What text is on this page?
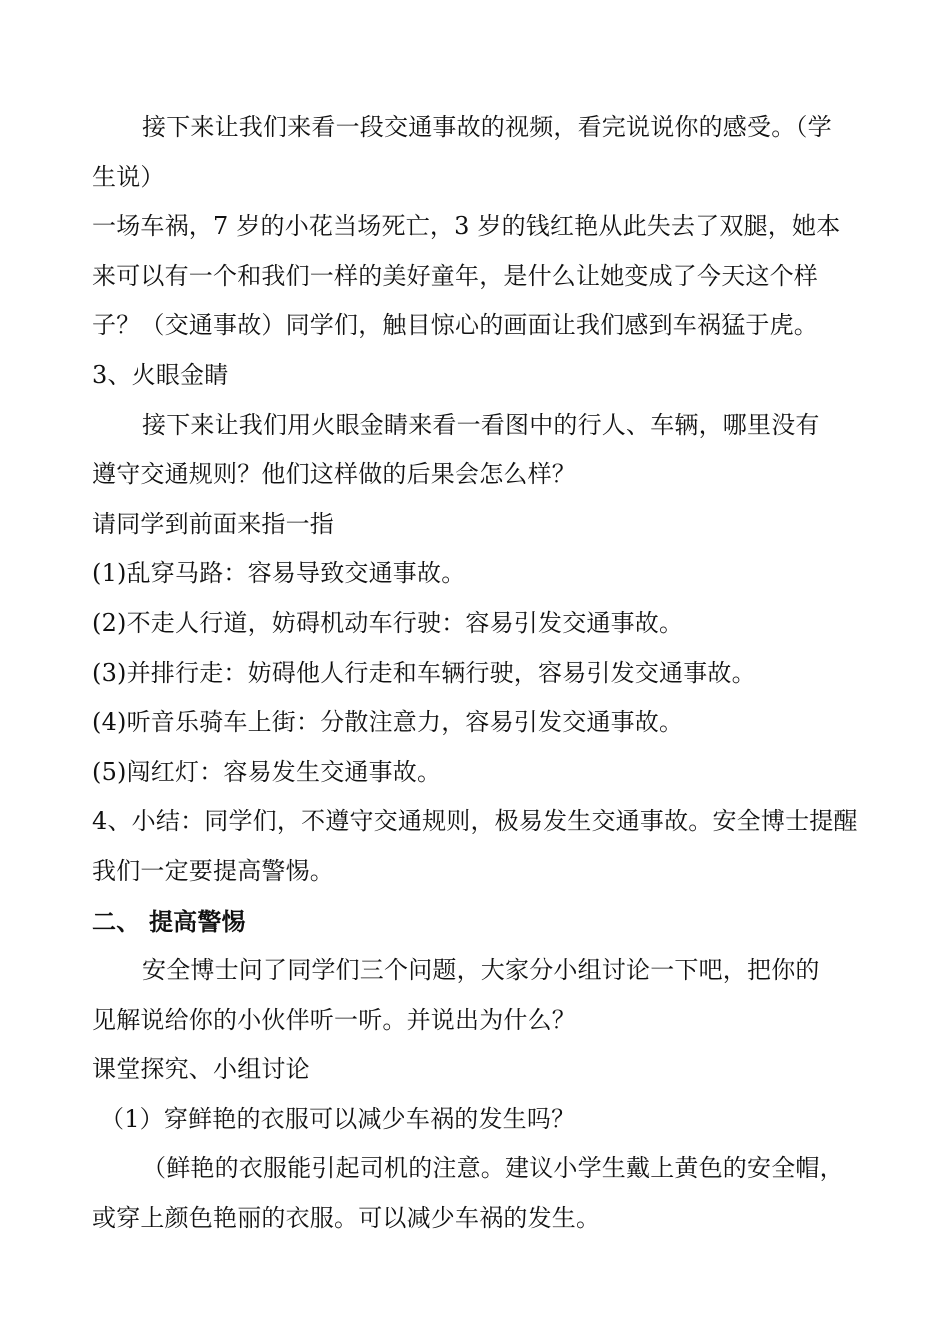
接下来让我们来看一段交通事故的视频，看完说说你的感受。（学
生说）
一场车祸，7 岁的小花当场死亡，3 岁的钱红艳从此失去了双腿，她本
来可以有一个和我们一样的美好童年，是什么让她变成了今天这个样
子？（交通事故）同学们，触目惊心的画面让我们感到车祸猛于虎。
3、火眼金睛
接下来让我们用火眼金睛来看一看图中的行人、车辆，哪里没有
遵守交通规则？他们这样做的后果会怎么样？
请同学到前面来指一指
(1)乱穿马路：容易导致交通事故。
(2)不走人行道，妨碍机动车行驶：容易引发交通事故。
(3)并排行走：妨碍他人行走和车辆行驶，容易引发交通事故。
(4)听音乐骑车上街：分散注意力，容易引发交通事故。
(5)闯红灯：容易发生交通事故。
4、小结：同学们，不遵守交通规则，极易发生交通事故。安全博士提醒
我们一定要提高警惕。
二、 提高警惕
安全博士问了同学们三个问题，大家分小组讨论一下吧，把你的
见解说给你的小伙伴听一听。并说出为什么？
课堂探究、小组讨论
（1）穿鲜艳的衣服可以减少车祸的发生吗？
（鲜艳的衣服能引起司机的注意。建议小学生戴上黄色的安全帽，
或穿上颜色艳丽的衣服。可以减少车祸的发生。
